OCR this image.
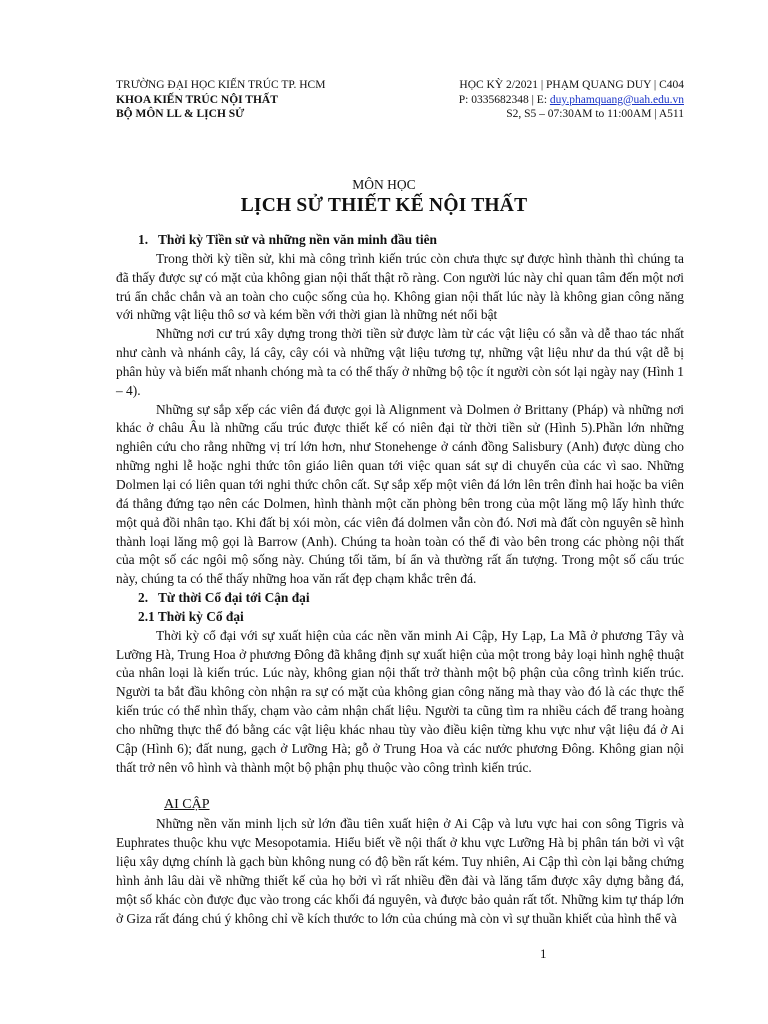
TRƯỜNG ĐẠI HỌC KIẾN TRÚC TP. HCM
KHOA KIẾN TRÚC NỘI THẤT
BỘ MÔN LL & LỊCH SỬ
HỌC KỲ 2/2021 | PHẠM QUANG DUY | C404
P: 0335682348 | E: duy.phamquang@uah.edu.vn
S2, S5 – 07:30AM to 11:00AM | A511
MÔN HỌC
LỊCH SỬ THIẾT KẾ NỘI THẤT
1. Thời kỳ Tiền sử và những nền văn minh đầu tiên

Trong thời kỳ tiền sử, khi mà công trình kiến trúc còn chưa thực sự được hình thành thì chúng ta đã thấy được sự có mặt của không gian nội thất thật rõ ràng. Con người lúc này chỉ quan tâm đến một nơi trú ẩn chắc chắn và an toàn cho cuộc sống của họ. Không gian nội thất lúc này là không gian công năng với những vật liệu thô sơ và kém bền với thời gian là những nét nổi bật

Những nơi cư trú xây dựng trong thời tiền sử được làm từ các vật liệu có sẵn và dễ thao tác nhất như cành và nhánh cây, lá cây, cây cói và những vật liệu tương tự, những vật liệu như da thú vật dễ bị phân hủy và biến mất nhanh chóng mà ta có thể thấy ở những bộ tộc ít người còn sót lại ngày nay (Hình 1 – 4).

Những sự sắp xếp các viên đá được gọi là Alignment và Dolmen ở Brittany (Pháp) và những nơi khác ở châu Âu là những cấu trúc được thiết kế có niên đại từ thời tiền sử (Hình 5).Phần lớn những nghiên cứu cho rằng những vị trí lớn hơn, như Stonehenge ở cánh đồng Salisbury (Anh) được dùng cho những nghi lễ hoặc nghi thức tôn giáo liên quan tới việc quan sát sự di chuyển của các vì sao. Những Dolmen lại có liên quan tới nghi thức chôn cất. Sự sắp xếp một viên đá lớn lên trên đỉnh hai hoặc ba viên đá thẳng đứng tạo nên các Dolmen, hình thành một căn phòng bên trong của một lăng mộ lấy hình thức một quả đồi nhân tạo. Khi đất bị xói mòn, các viên đá dolmen vẫn còn đó. Nơi mà đất còn nguyên sẽ hình thành loại lăng mộ gọi là Barrow (Anh). Chúng ta hoàn toàn có thể đi vào bên trong các phòng nội thất của một số các ngôi mộ sống này. Chúng tối tăm, bí ẩn và thường rất ấn tượng. Trong một số cấu trúc này, chúng ta có thể thấy những hoa văn rất đẹp chạm khắc trên đá.

2. Từ thời Cổ đại tới Cận đại
2.1 Thời kỳ Cổ đại

Thời kỳ cổ đại với sự xuất hiện của các nền văn minh Ai Cập, Hy Lạp, La Mã ở phương Tây và Lưỡng Hà, Trung Hoa ở phương Đông đã khẳng định sự xuất hiện của một trong bảy loại hình nghệ thuật của nhân loại là kiến trúc. Lúc này, không gian nội thất trở thành một bộ phận của công trình kiến trúc. Người ta bắt đầu không còn nhận ra sự có mặt của không gian công năng mà thay vào đó là các thực thể kiến trúc có thể nhìn thấy, chạm vào cảm nhận chất liệu. Người ta cũng tìm ra nhiều cách để trang hoàng cho những thực thể đó bằng các vật liệu khác nhau tùy vào điều kiện từng khu vực như vật liệu đá ở Ai Cập (Hình 6); đất nung, gạch ở Lưỡng Hà; gỗ ở Trung Hoa và các nước phương Đông. Không gian nội thất trở nên vô hình và thành một bộ phận phụ thuộc vào công trình kiến trúc.

AI CẬP

Những nền văn minh lịch sử lớn đầu tiên xuất hiện ở Ai Cập và lưu vực hai con sông Tigris và Euphrates thuộc khu vực Mesopotamia. Hiểu biết về nội thất ở khu vực Lưỡng Hà bị phân tán bởi vì vật liệu xây dựng chính là gạch bùn không nung có độ bền rất kém. Tuy nhiên, Ai Cập thì còn lại bằng chứng hình ảnh lâu dài về những thiết kế của họ bởi vì rất nhiều đền đài và lăng tẩm được xây dựng bằng đá, một số khác còn được đục vào trong các khối đá nguyên, và được bảo quản rất tốt. Những kim tự tháp lớn ở Giza rất đáng chú ý không chỉ về kích thước to lớn của chúng mà còn vì sự thuần khiết của hình thể và

1
